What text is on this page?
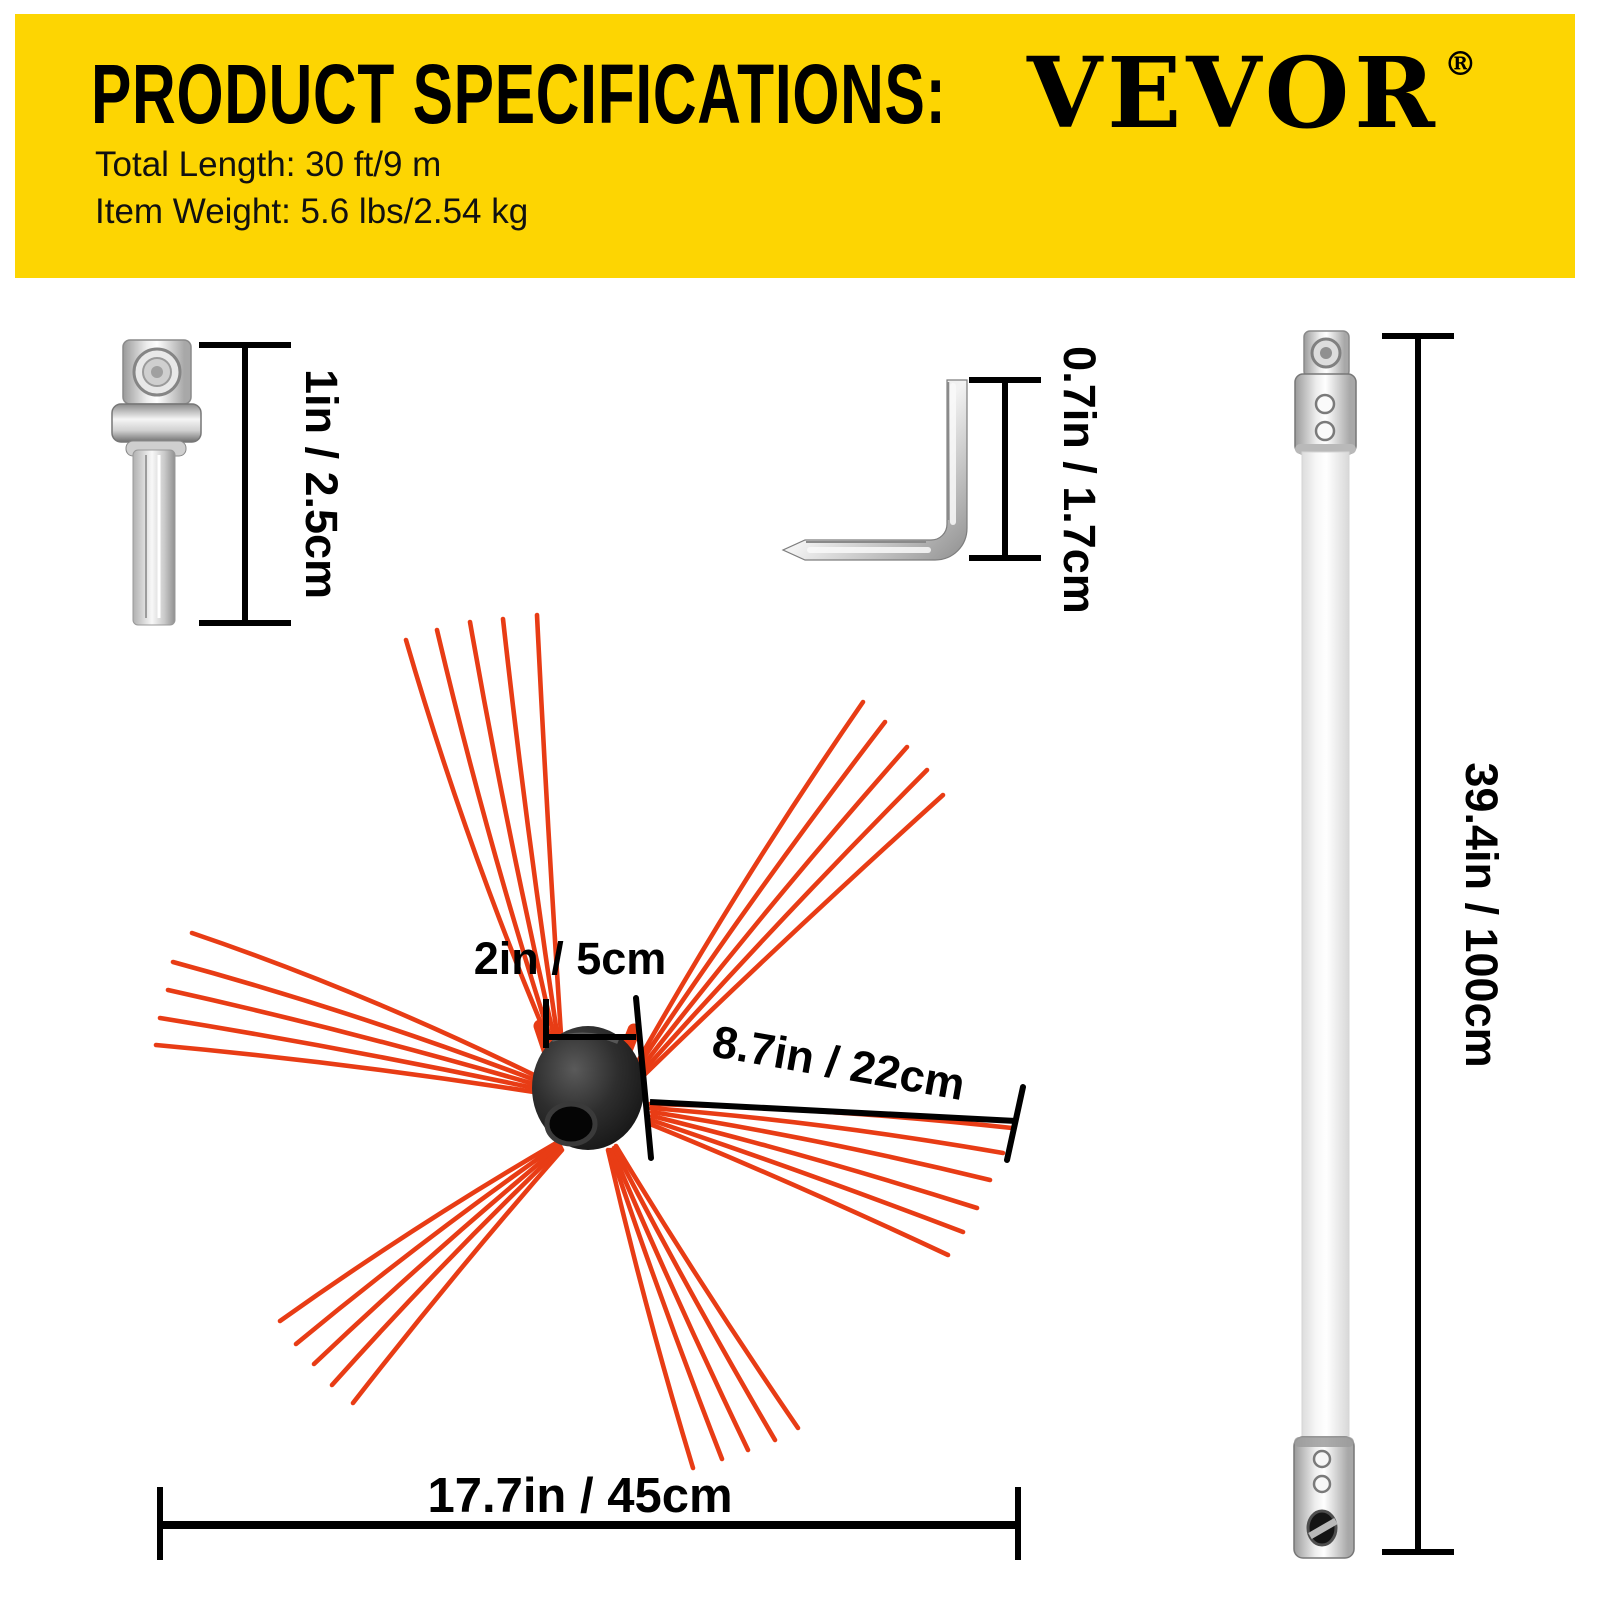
PRODUCT SPECIFICATIONS:

Total Length: 30 ft/9 m

Item Weight: 5.6 lbs/2.54 kg

VEVOR ®
1in / 2.5cm	0.7in / 1.7cm
39.4in / 100cm
2in / 5cm
8.7in / 22cm
17.7in / 45cm
